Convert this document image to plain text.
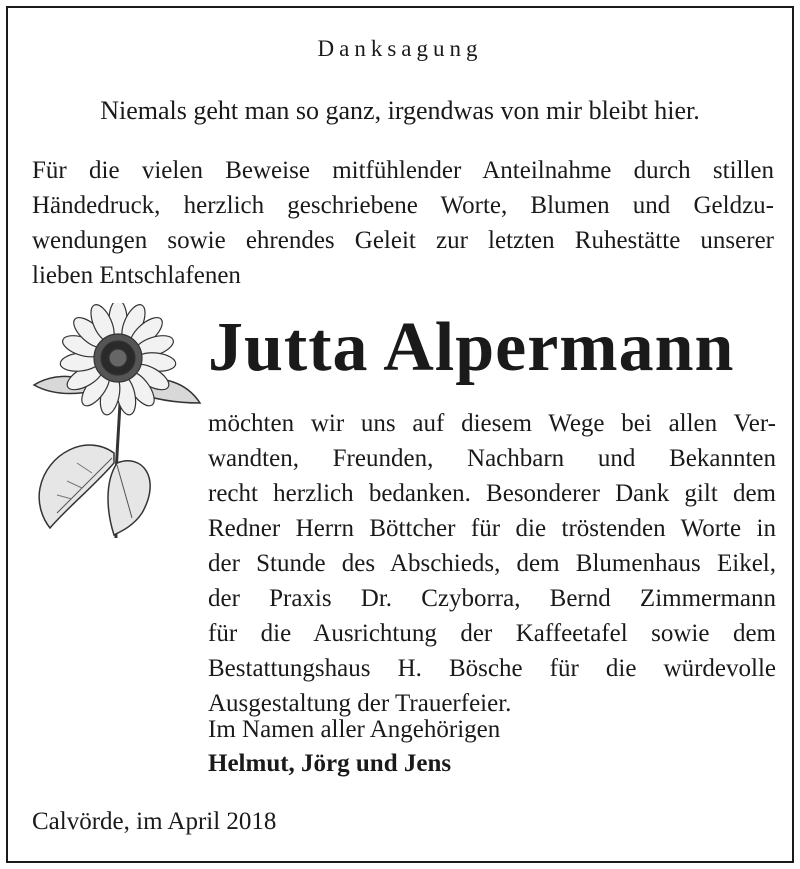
Danksagung
Niemals geht man so ganz, irgendwas von mir bleibt hier.
Für die vielen Beweise mitfühlender Anteilnahme durch stillen
Händedruck, herzlich geschriebene Worte, Blumen und Geldzu-
wendungen sowie ehrendes Geleit zur letzten Ruhestätte unserer
lieben Entschlafenen
Jutta Alpermann
möchten wir uns auf diesem Wege bei allen Ver-
wandten, Freunden, Nachbarn und Bekannten
recht herzlich bedanken. Besonderer Dank gilt dem
Redner Herrn Böttcher für die tröstenden Worte in
der Stunde des Abschieds, dem Blumenhaus Eikel,
der Praxis Dr. Czyborra, Bernd Zimmermann
für die Ausrichtung der Kaffeetafel sowie dem
Bestattungshaus H. Bösche für die würdevolle
Ausgestaltung der Trauerfeier.
Im Namen aller Angehörigen
Helmut, Jörg und Jens
Calvörde, im April 2018
